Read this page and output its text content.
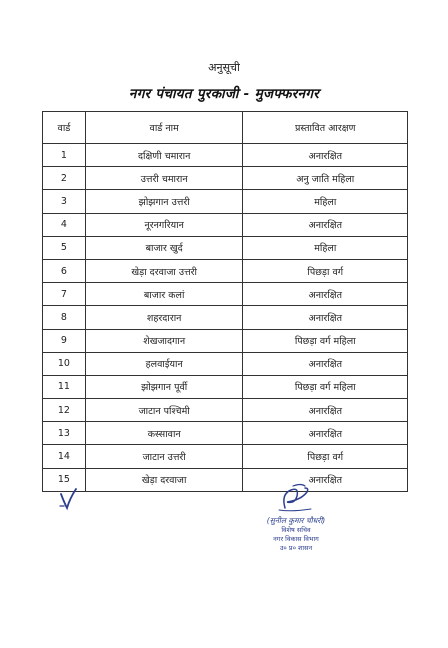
अनुसूची
नगर पंचायत पुरकाजी - मुजफ्फरनगर
वार्ड	वार्ड नाम	प्रस्तावित आरक्षण
1	दक्षिणी चमारान	अनारक्षित
2	उत्तरी चमारान	अनु जाति महिला
3	झोझगान उत्तरी	महिला
4	नूरनगरियान	अनारक्षित
5	बाजार खुर्द	महिला
6	खेड़ा दरवाजा उत्तरी	पिछड़ा वर्ग
7	बाजार कलां	अनारक्षित
8	शहरदारान	अनारक्षित
9	शेखजादगान	पिछड़ा वर्ग महिला
10	हलवाईयान	अनारक्षित
11	झोझगान पूर्वी	पिछड़ा वर्ग महिला
12	जाटान पश्चिमी	अनारक्षित
13	कस्सावान	अनारक्षित
14	जाटान उत्तरी	पिछड़ा वर्ग
15	खेड़ा दरवाजा	अनारक्षित
(सुनील कुमार चौधरी)
विशेष सचिव
नगर विकास विभाग
उ० प्र० शासन
